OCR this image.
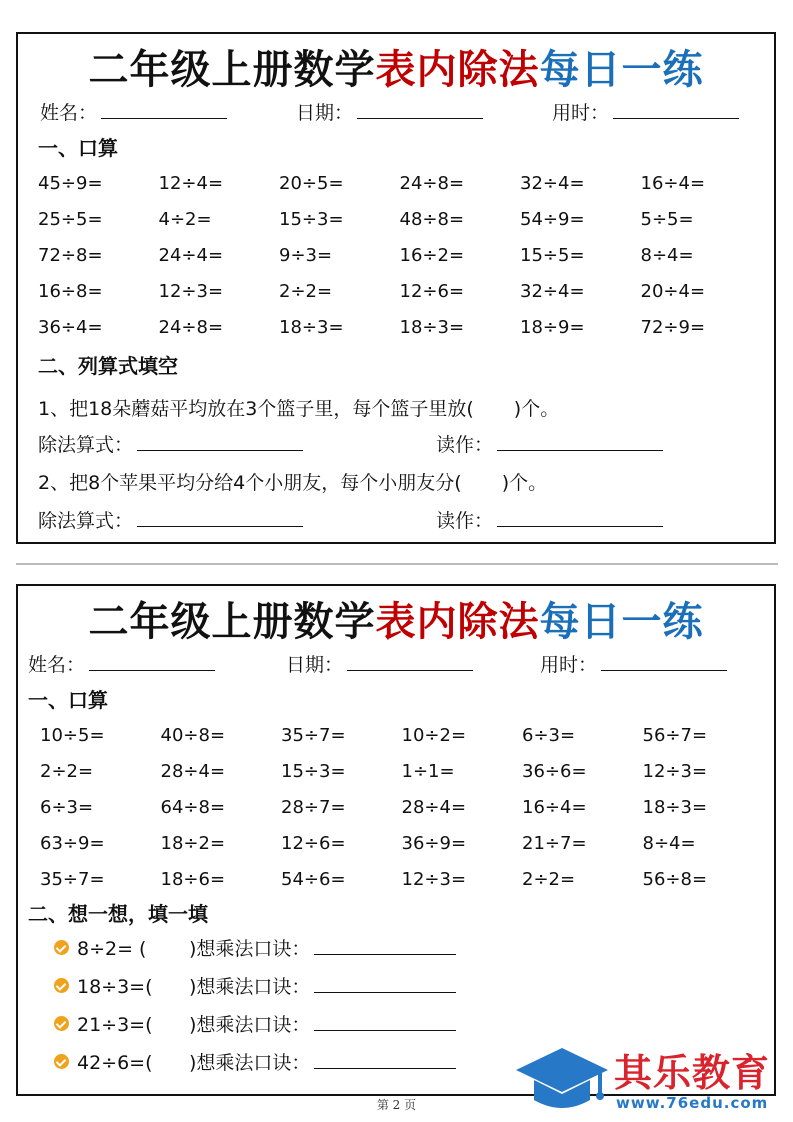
二年级上册数学表内除法每日一练
姓名：	日期：	用时：
一、口算
45÷9=	12÷4=	20÷5=	24÷8=	32÷4=	16÷4=
25÷5=	4÷2=	15÷3=	48÷8=	54÷9=	5÷5=
72÷8=	24÷4=	9÷3=	16÷2=	15÷5=	8÷4=
16÷8=	12÷3=	2÷2=	12÷6=	32÷4=	20÷4=
36÷4=	24÷8=	18÷3=	18÷3=	18÷9=	72÷9=
二、列算式填空
1、把18朵蘑菇平均放在3个篮子里，每个篮子里放( )个。
除法算式：	读作：
2、把8个苹果平均分给4个小朋友，每个小朋友分( )个。
除法算式：	读作：
二年级上册数学表内除法每日一练
姓名：	日期：	用时：
一、口算
10÷5=	40÷8=	35÷7=	10÷2=	6÷3=	56÷7=
2÷2=	28÷4=	15÷3=	1÷1=	36÷6=	12÷3=
6÷3=	64÷8=	28÷7=	28÷4=	16÷4=	18÷3=
63÷9=	18÷2=	12÷6=	36÷9=	21÷7=	8÷4=
35÷7=	18÷6=	54÷6=	12÷3=	2÷2=	56÷8=
二、想一想，填一填
8÷2= ( )想乘法口诀：
18÷3=( )想乘法口诀：
21÷3=( )想乘法口诀：
42÷6=( )想乘法口诀：
第 2 页
其乐教育
www.76edu.com
